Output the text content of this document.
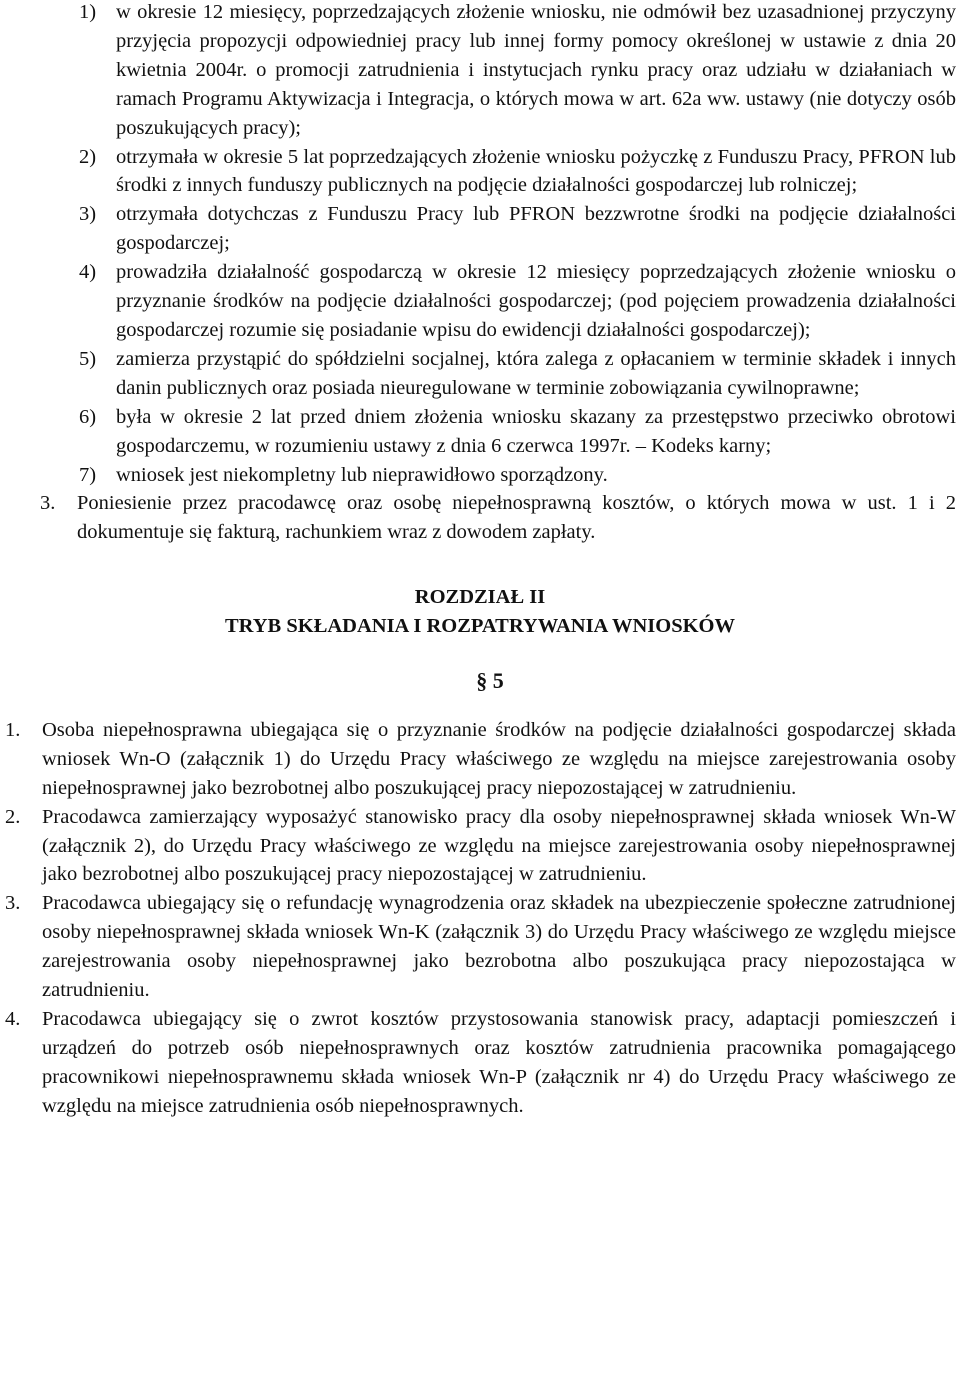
1) w okresie 12 miesięcy, poprzedzających złożenie wniosku, nie odmówił bez uzasadnionej przyczyny przyjęcia propozycji odpowiedniej pracy lub innej formy pomocy określonej w ustawie z dnia 20 kwietnia 2004r. o promocji zatrudnienia i instytucjach rynku pracy oraz udziału w działaniach w ramach Programu Aktywizacja i Integracja, o których mowa w art. 62a ww. ustawy (nie dotyczy osób poszukujących pracy);
2) otrzymała w okresie 5 lat poprzedzających złożenie wniosku pożyczkę z Funduszu Pracy, PFRON lub środki z innych funduszy publicznych na podjęcie działalności gospodarczej lub rolniczej;
3) otrzymała dotychczas z Funduszu Pracy lub PFRON bezzwrotne środki na podjęcie działalności gospodarczej;
4) prowadziła działalność gospodarczą w okresie 12 miesięcy poprzedzających złożenie wniosku o przyznanie środków na podjęcie działalności gospodarczej; (pod pojęciem prowadzenia działalności gospodarczej rozumie się posiadanie wpisu do ewidencji działalności gospodarczej);
5) zamierza przystąpić do spółdzielni socjalnej, która zalega z opłacaniem w terminie składek i innych danin publicznych oraz posiada nieuregulowane w terminie zobowiązania cywilnoprawne;
6) była w okresie 2 lat przed dniem złożenia wniosku skazany za przestępstwo przeciwko obrotowi gospodarczemu, w rozumieniu ustawy z dnia 6 czerwca 1997r. – Kodeks karny;
7) wniosek jest niekompletny lub nieprawidłowo sporządzony.
3.	Poniesienie przez pracodawcę oraz osobę niepełnosprawną kosztów, o których mowa w ust. 1 i 2 dokumentuje się fakturą, rachunkiem wraz z dowodem zapłaty.
ROZDZIAŁ II
TRYB SKŁADANIA I ROZPATRYWANIA WNIOSKÓW
§ 5
1.	Osoba niepełnosprawna ubiegająca się o przyznanie środków na podjęcie działalności gospodarczej składa wniosek Wn-O (załącznik 1) do Urzędu Pracy właściwego ze względu na miejsce zarejestrowania osoby niepełnosprawnej jako bezrobotnej albo poszukującej pracy niepozostającej w zatrudnieniu.
2.	Pracodawca zamierzający wyposażyć stanowisko pracy dla osoby niepełnosprawnej składa wniosek Wn-W (załącznik 2), do Urzędu Pracy właściwego ze względu na miejsce zarejestrowania osoby niepełnosprawnej jako bezrobotnej albo poszukującej pracy niepozostającej w zatrudnieniu.
3.	Pracodawca ubiegający się o refundację wynagrodzenia oraz składek na ubezpieczenie społeczne zatrudnionej osoby niepełnosprawnej składa wniosek Wn-K (załącznik 3) do Urzędu Pracy właściwego ze względu miejsce zarejestrowania osoby niepełnosprawnej jako bezrobotna albo poszukująca pracy niepozostająca w zatrudnieniu.
4.	Pracodawca ubiegający się o zwrot kosztów przystosowania stanowisk pracy, adaptacji pomieszczeń i urządzeń do potrzeb osób niepełnosprawnych oraz kosztów zatrudnienia pracownika pomagającego pracownikowi niepełnosprawnemu składa wniosek Wn-P (załącznik nr 4) do Urzędu Pracy właściwego ze względu na miejsce zatrudnienia osób niepełnosprawnych.
